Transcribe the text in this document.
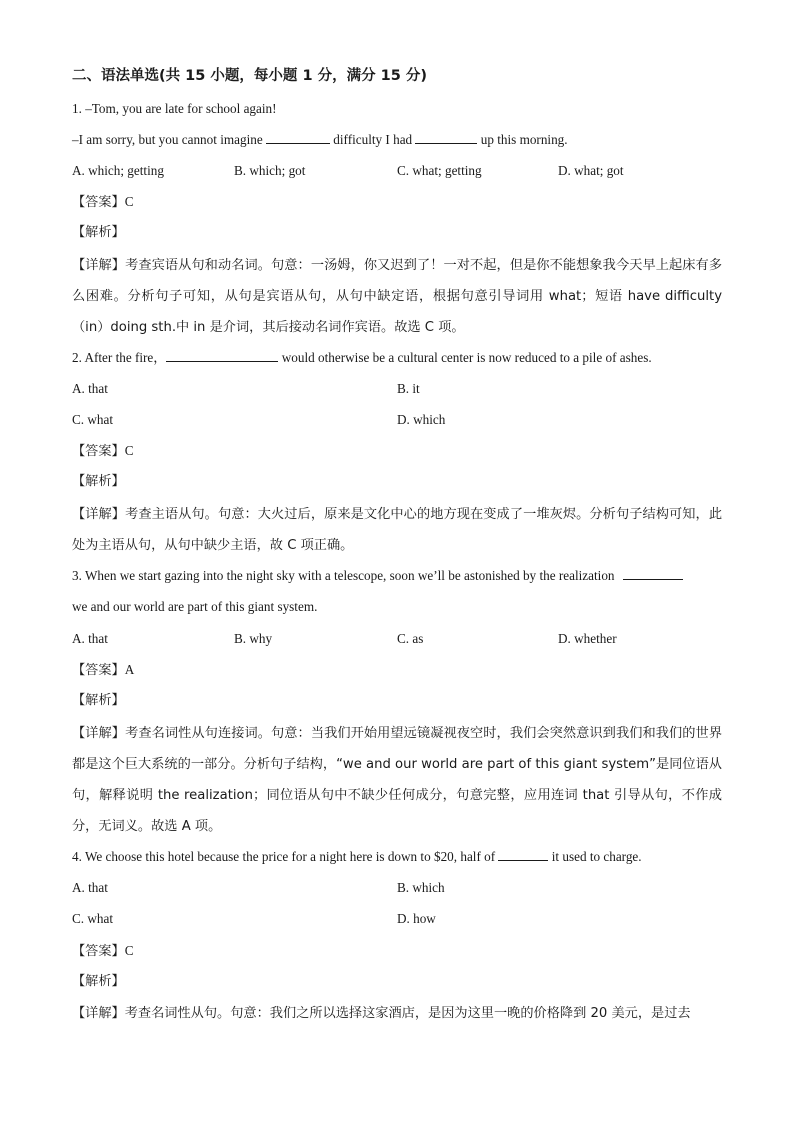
二、语法单选(共 15 小题，每小题 1 分，满分 15 分)
1. –Tom, you are late for school again!
–I am sorry, but you cannot imagine	difficulty I had	up this morning.
A. which; getting	B. which; got	C. what; getting	D. what; got
【答案】C
【解析】
【详解】考查宾语从句和动名词。句意：一汤姆，你又迟到了！一对不起，但是你不能想象我今天早上起床有多么困难。分析句子可知，从句是宾语从句，从句中缺定语，根据句意引导词用 what；短语 have difficulty（in）doing sth.中 in 是介词，其后接动名词作宾语。故选 C 项。
2. After the fire，	would otherwise be a cultural center is now reduced to a pile of ashes.
A. that	B. it
C. what	D. which
【答案】C
【解析】
【详解】考查主语从句。句意：大火过后，原来是文化中心的地方现在变成了一堆灰烬。分析句子结构可知，此处为主语从句，从句中缺少主语，故 C 项正确。
3. When we start gazing into the night sky with a telescope, soon we’ll be astonished by the realization
we and our world are part of this giant system.
A. that	B. why	C. as	D. whether
【答案】A
【解析】
【详解】考查名词性从句连接词。句意：当我们开始用望远镜凝视夜空时，我们会突然意识到我们和我们的世界都是这个巨大系统的一部分。分析句子结构，“we and our world are part of this giant system”是同位语从句，解释说明 the realization；同位语从句中不缺少任何成分，句意完整，应用连词 that 引导从句，不作成分，无词义。故选 A 项。
4. We choose this hotel because the price for a night here is down to $20, half of	it used to charge.
A. that	B. which
C. what	D. how
【答案】C
【解析】
【详解】考查名词性从句。句意：我们之所以选择这家酒店，是因为这里一晚的价格降到 20 美元，是过去
